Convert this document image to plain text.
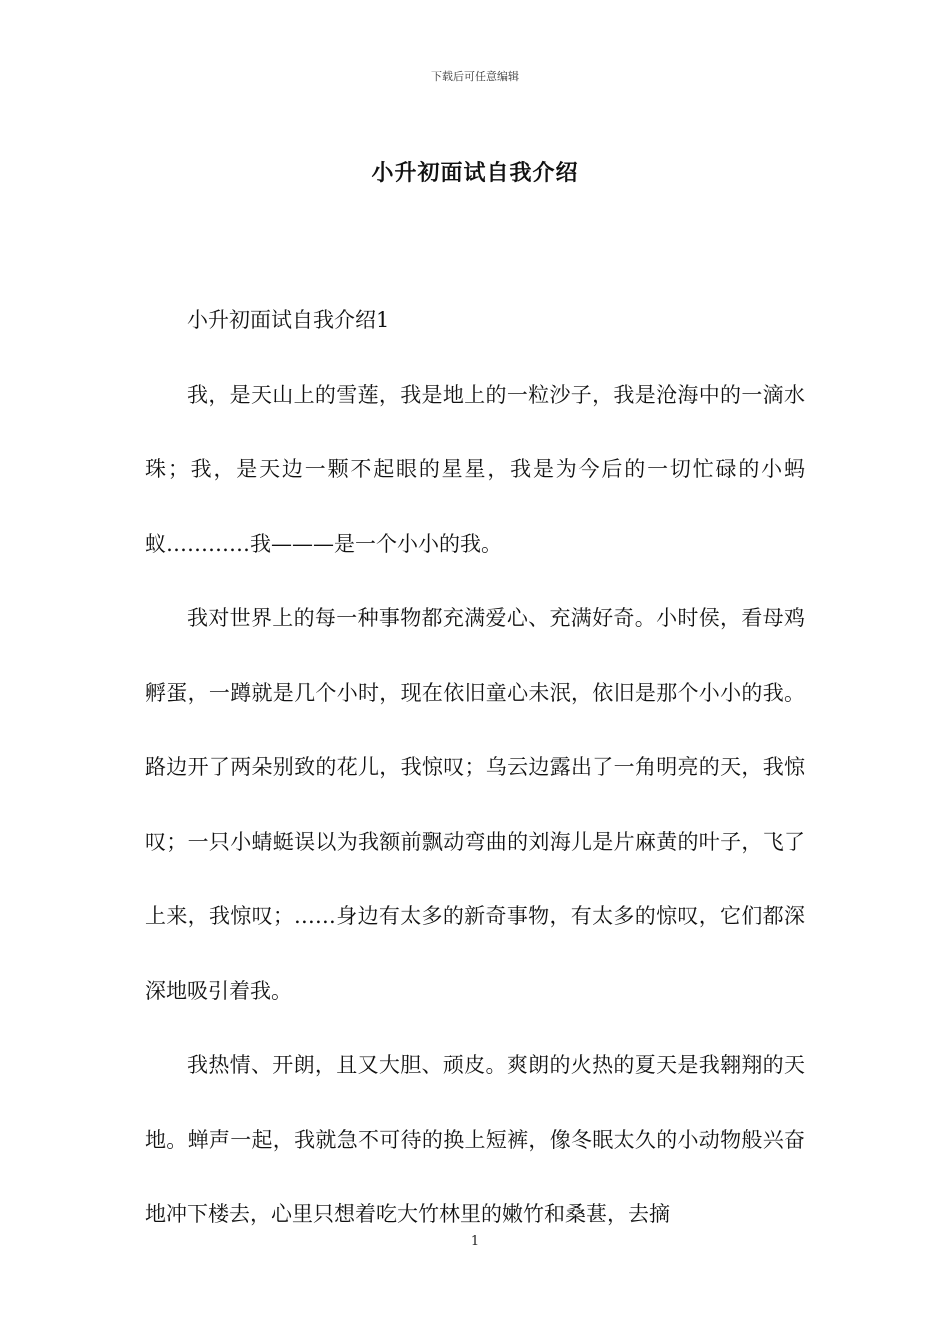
下载后可任意编辑
小升初面试自我介绍

小升初面试自我介绍1

我，是天山上的雪莲，我是地上的一粒沙子，我是沧海中的一滴水珠；我，是天边一颗不起眼的星星，我是为今后的一切忙碌的小蚂蚁…………我———是一个小小的我。

我对世界上的每一种事物都充满爱心、充满好奇。小时侯，看母鸡孵蛋，一蹲就是几个小时，现在依旧童心未泯，依旧是那个小小的我。路边开了两朵别致的花儿，我惊叹；乌云边露出了一角明亮的天，我惊叹；一只小蜻蜓误以为我额前飘动弯曲的刘海儿是片麻黄的叶子，飞了上来，我惊叹；……身边有太多的新奇事物，有太多的惊叹，它们都深深地吸引着我。

我热情、开朗，且又大胆、顽皮。爽朗的火热的夏天是我翱翔的天地。蝉声一起，我就急不可待的换上短裤，像冬眠太久的小动物般兴奋地冲下楼去，心里只想着吃大竹林里的嫩竹和桑葚，去摘

1
